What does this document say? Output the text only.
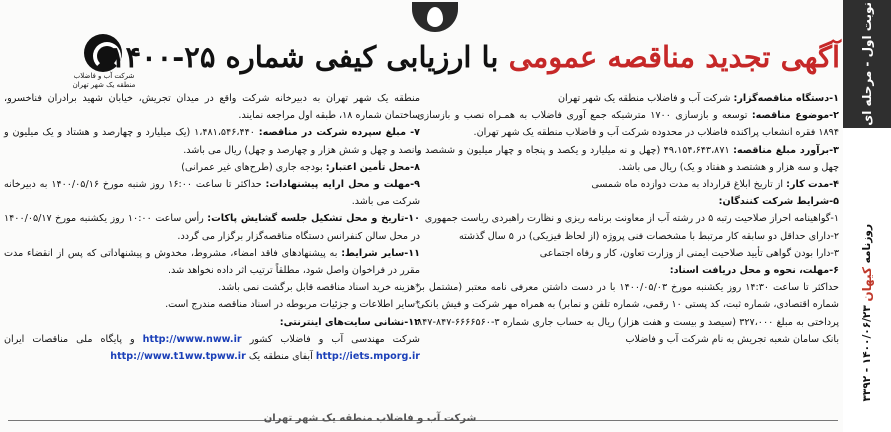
نوبت اول - مرحله ای
روزنامه کیهان ۱۴۰۰/۰۶/۲۳ - ۳۳۹۲
شرکت آب و فاضلاب
منطقه یک شهر تهران
آگهی تجدید مناقصه عمومی با ارزیابی کیفی شماره ۲۵-۱۴۰۰

۱-دستگاه مناقصه‌گزار: شرکت آب و فاضلاب منطقه یک شهر تهران

۲-موضوع مناقصه: توسعه و بازسازی ۱۷۰۰ مترشبکه جمع آوری فاضلاب به همـراه نصب و بازسازی ۱۸۹۴ فقره انشعاب پراکنده فاضلاب در محدوده شرکت آب و فاضلاب منطقه یک شهر تهران.

۳-برآورد مبلغ مناقصه: ۴۹،۱۵۴،۶۴۳،۸۷۱ (چهل و نه میلیارد و یکصد و پنجاه و چهار میلیون و ششصد و چهل و سه هزار و هشتصد و هفتاد و یک) ریال می باشد.

۴-مدت کار: از تاریخ ابلاغ قرارداد به مدت دوازده ماه شمسی

۵-شرایط شرکت کنندگان:

۱-گواهینامه احراز صلاحیت رتبه ۵ در رشته آب از معاونت برنامه ریزی و نظارت راهبردی ریاست جمهوری

۲-دارای حداقل دو سابقه کار مرتبط با مشخصات فنی پروژه (از لحاظ فیزیکی) در ۵ سال گذشته

۳-دارا بودن گواهی تأیید صلاحیت ایمنی از وزارت تعاون، کار و رفاه اجتماعی

۶-مهلت، نحوه و محل دریافت اسناد:

حداکثر تا ساعت ۱۴:۳۰ روز یکشنبه مورخ ۱۴۰۰/۰۵/۰۳ با در دست داشتن معرفی نامه معتبر (مشتمل بر شماره اقتصادی، شماره ثبت، کد پستی ۱۰ رقمی، شماره تلفن و نمابر) به همراه مهر شرکت و فیش بانکی پرداختی به مبلغ ۳۲۷،۰۰۰ (سیصد و بیست و هفت هزار) ریال به حساب جاری شماره ۳-۶۶۶۶۵۶۰-۸۴۷-۸۴۷ بانک سامان شعبه تجریش به نام شرکت آب و فاضلاب

منطقه یک شهر تهران به دبیرخانه شرکت واقع در میدان تجریش، خیابان شهید برادران فناخسرو، ساختمان شماره ۱۸، طبقه اول مراجعه نمایند.

۷- مبلغ سپرده شرکت در مناقصه: ۱،۴۸۱،۵۴۶،۴۴۰ (یک میلیارد و چهارصد و هشتاد و یک میلیون و پانصد و چهل و شش هزار و چهارصد و چهل) ریال می باشد.

۸-محل تأمین اعتبار: بودجه جاری (طرح‌های غیر عمرانی)

۹-مهلت و محل ارایه پیشنهادات: حداکثر تا ساعت ۱۶:۰۰ روز شنبه مورخ ۱۴۰۰/۰۵/۱۶ به دبیرخانه شرکت می باشد.

۱۰-تاریخ و محل تشکیل جلسه گشایش پاکات: رأس ساعت ۱۰:۰۰ روز یکشنبه مورخ ۱۴۰۰/۰۵/۱۷ در محل سالن کنفرانس دستگاه مناقصه‌گزار برگزار می گردد.

۱۱-سایر شرایط: به پیشنهادهای فاقد امضاء، مشروط، مخدوش و پیشنهاداتی که پس از انقضاء مدت مقرر در فراخوان واصل شود، مطلقاً ترتیب اثر داده نخواهد شد.

*هزینه خرید اسناد مناقصه قابل برگشت نمی باشد.

*سایر اطلاعات و جزئیات مربوطه در اسناد مناقصه مندرج است.

۱۲-نشانی سایت‌های اینترنتی:

شرکت مهندسی آب و فاضلاب کشور http://www.nww.ir و پایگاه ملی مناقصات ایران http://iets.mporg.ir آبفای منطقه یک http://www.t1ww.tpww.ir

شرکت آب و فاضلاب منطقه یک شهر تهران
